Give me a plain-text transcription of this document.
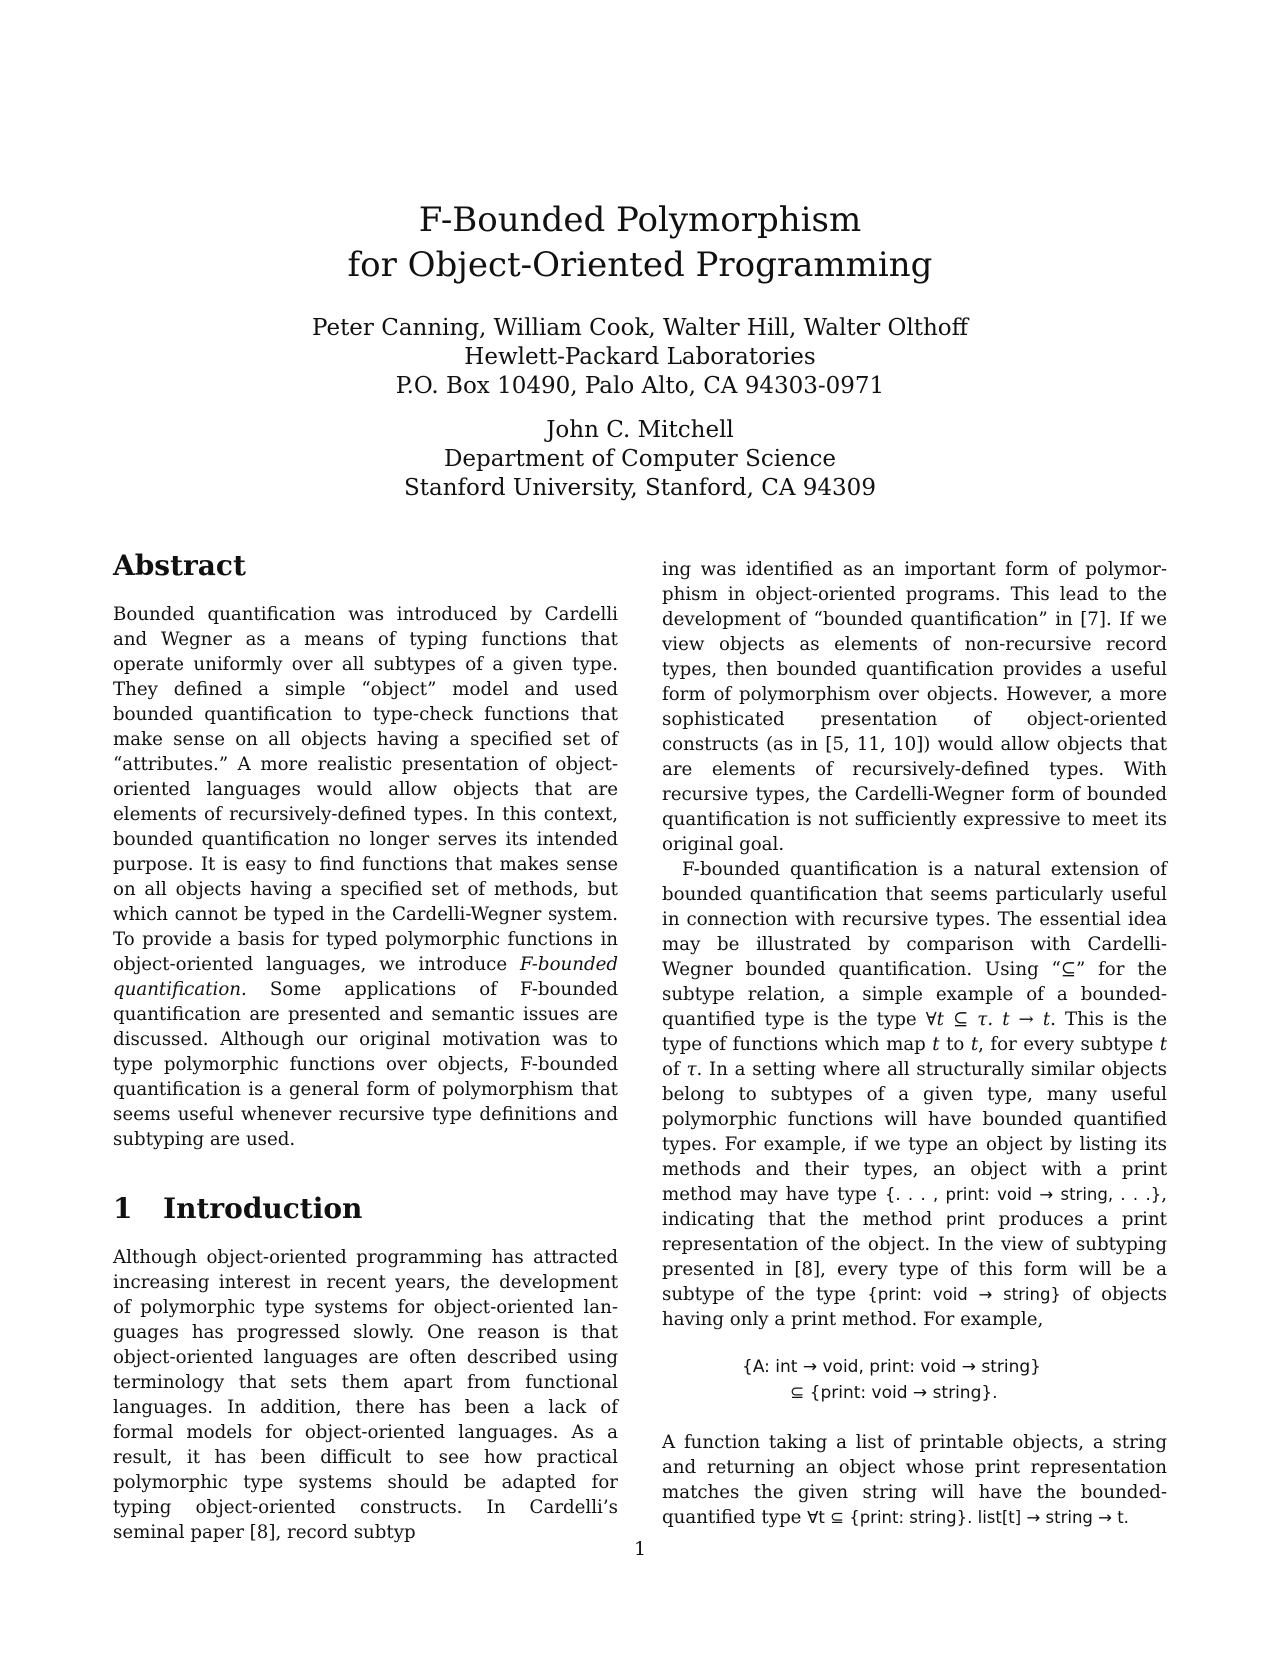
F-Bounded Polymorphism
for Object-Oriented Programming
Peter Canning, William Cook, Walter Hill, Walter Olthoff
Hewlett-Packard Laboratories
P.O. Box 10490, Palo Alto, CA 94303-0971
John C. Mitchell
Department of Computer Science
Stanford University, Stanford, CA 94309
Abstract

Bounded quantification was introduced by Cardelli and Wegner as a means of typing functions that operate uniformly over all subtypes of a given type. They defined a simple “object” model and used bounded quantification to type-check functions that make sense on all objects having a specified set of “attributes.” A more realistic presentation of object-oriented languages would allow objects that are elements of recursively-defined types. In this context, bounded quantification no longer serves its intended purpose. It is easy to find functions that makes sense on all objects having a specified set of methods, but which cannot be typed in the Cardelli-Wegner system. To provide a basis for typed polymorphic functions in object-oriented languages, we introduce F-bounded quantification. Some applications of F-bounded quantification are presented and semantic issues are discussed. Although our original motivation was to type polymorphic functions over objects, F-bounded quantification is a general form of polymorphism that seems useful whenever recursive type definitions and subtyping are used.

1 Introduction

Although object-oriented programming has attracted increasing interest in recent years, the development of polymorphic type systems for object-oriented languages has progressed slowly. One reason is that object-oriented languages are often described using terminology that sets them apart from functional languages. In addition, there has been a lack of formal models for object-oriented languages. As a result, it has been difficult to see how practical polymorphic type systems should be adapted for typing object-oriented constructs. In Cardelli’s seminal paper [8], record subtyp

ing was identified as an important form of polymorphism in object-oriented programs. This lead to the development of “bounded quantification” in [7]. If we view objects as elements of non-recursive record types, then bounded quantification provides a useful form of polymorphism over objects. However, a more sophisticated presentation of object-oriented constructs (as in [5, 11, 10]) would allow objects that are elements of recursively-defined types. With recursive types, the Cardelli-Wegner form of bounded quantification is not sufficiently expressive to meet its original goal.

F-bounded quantification is a natural extension of bounded quantification that seems particularly useful in connection with recursive types. The essential idea may be illustrated by comparison with Cardelli-Wegner bounded quantification. Using “⊆” for the subtype relation, a simple example of a bounded-quantified type is the type ∀t ⊆ τ. t → t. This is the type of functions which map t to t, for every subtype t of τ. In a setting where all structurally similar objects belong to subtypes of a given type, many useful polymorphic functions will have bounded quantified types. For example, if we type an object by listing its methods and their types, an object with a print method may have type {. . . , print: void → string, . . .}, indicating that the method print produces a print representation of the object. In the view of subtyping presented in [8], every type of this form will be a subtype of the type {print: void → string} of objects having only a print method. For example,

{A: int → void, print: void → string}
⊆ {print: void → string}.

A function taking a list of printable objects, a string and returning an object whose print representation matches the given string will have the bounded-quantified type ∀t ⊆ {print: string}. list[t] → string → t.

1
